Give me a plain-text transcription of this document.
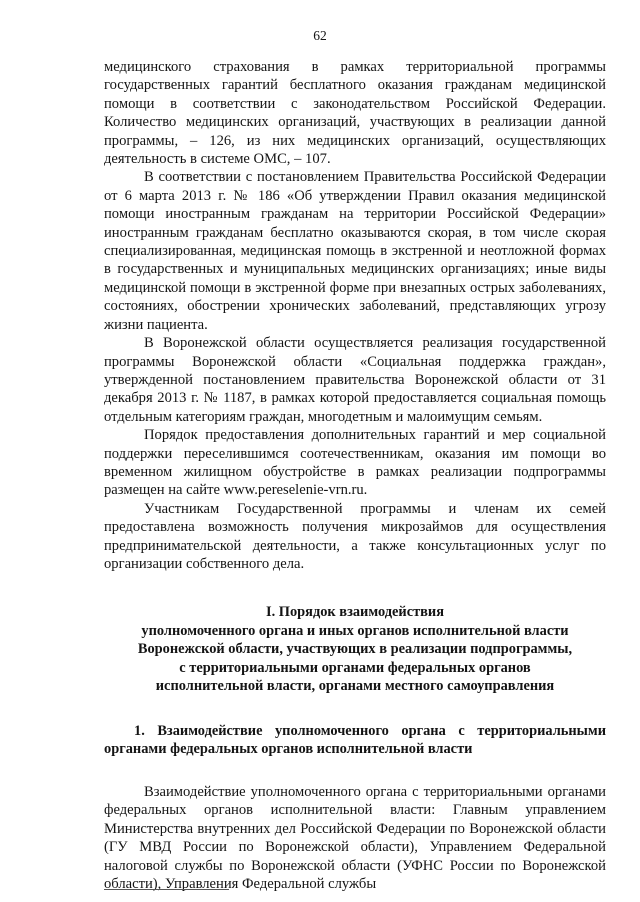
62

медицинского страхования в рамках территориальной программы государственных гарантий бесплатного оказания гражданам медицинской помощи в соответствии с законодательством Российской Федерации. Количество медицинских организаций, участвующих в реализации данной программы, – 126, из них медицинских организаций, осуществляющих деятельность в системе ОМС, – 107.

В соответствии с постановлением Правительства Российской Федерации от 6 марта 2013 г. № 186 «Об утверждении Правил оказания медицинской помощи иностранным гражданам на территории Российской Федерации» иностранным гражданам бесплатно оказываются скорая, в том числе скорая специализированная, медицинская помощь в экстренной и неотложной формах в государственных и муниципальных медицинских организациях; иные виды медицинской помощи в экстренной форме при внезапных острых заболеваниях, состояниях, обострении хронических заболеваний, представляющих угрозу жизни пациента.

В Воронежской области осуществляется реализация государственной программы Воронежской области «Социальная поддержка граждан», утвержденной постановлением правительства Воронежской области от 31 декабря 2013 г. № 1187, в рамках которой предоставляется социальная помощь отдельным категориям граждан, многодетным и малоимущим семьям.

Порядок предоставления дополнительных гарантий и мер социальной поддержки переселившимся соотечественникам, оказания им помощи во временном жилищном обустройстве в рамках реализации подпрограммы размещен на сайте www.pereselenie-vrn.ru.

Участникам Государственной программы и членам их семей предоставлена возможность получения микрозаймов для осуществления предпринимательской деятельности, а также консультационных услуг по организации собственного дела.

I. Порядок взаимодействия
уполномоченного органа и иных органов исполнительной власти
Воронежской области, участвующих в реализации подпрограммы,
с территориальными органами федеральных органов
исполнительной власти, органами местного самоуправления
1. Взаимодействие уполномоченного органа с территориальными органами федеральных органов исполнительной власти

Взаимодействие уполномоченного органа с территориальными органами федеральных органов исполнительной власти: Главным управлением Министерства внутренних дел Российской Федерации по Воронежской области (ГУ МВД России по Воронежской области), Управлением Федеральной налоговой службы по Воронежской области (УФНС России по Воронежской области), Управления Федеральной службы
